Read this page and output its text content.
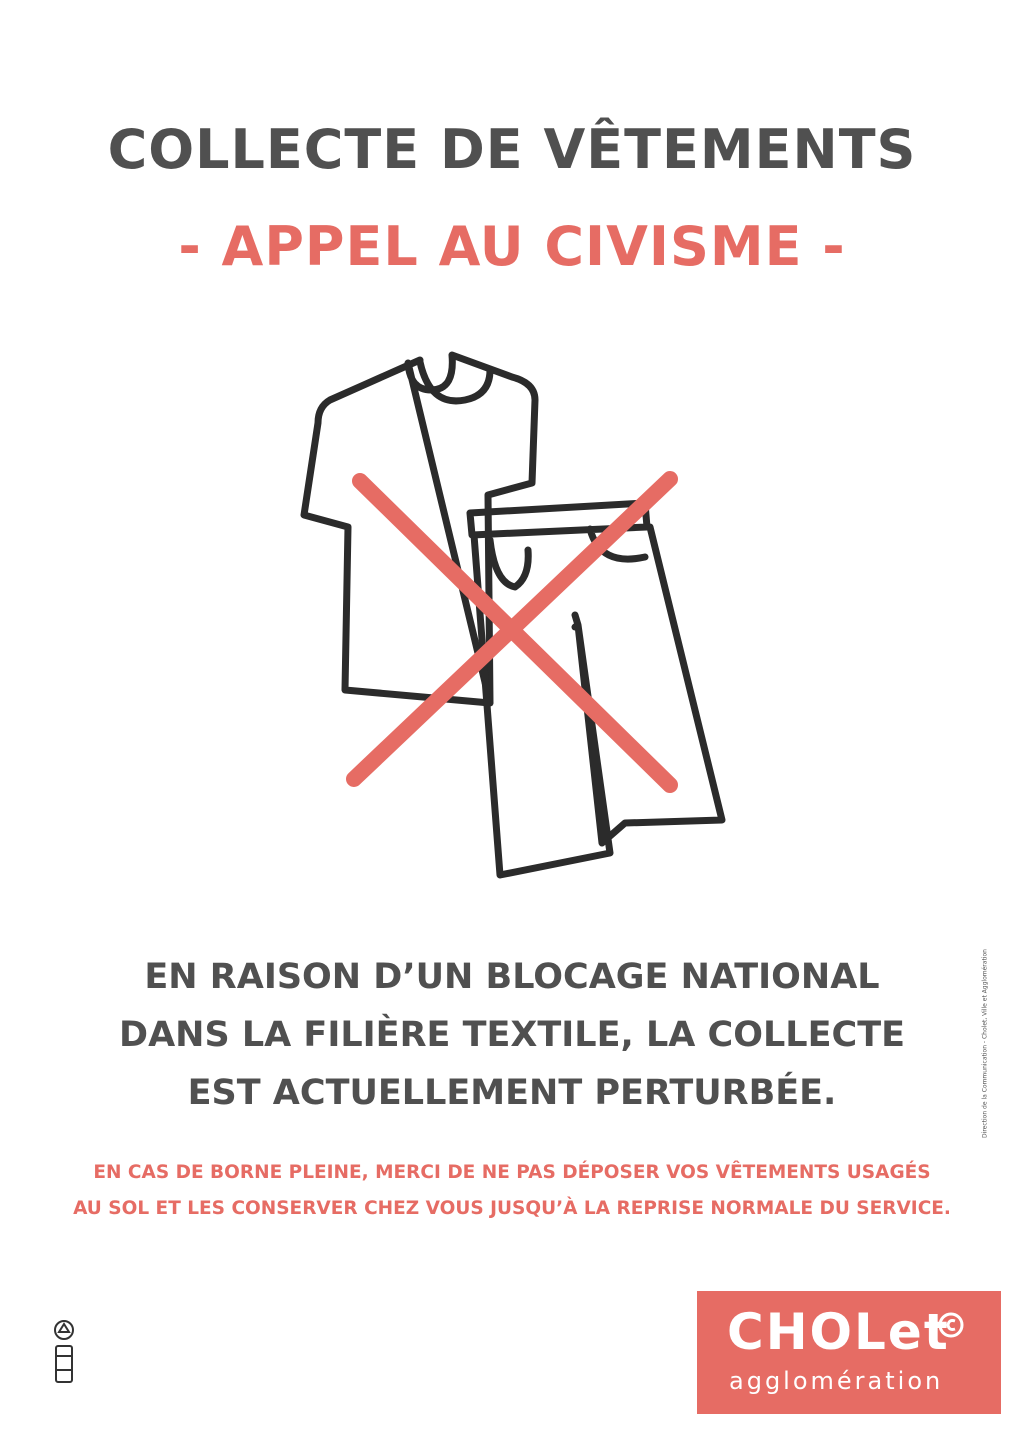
COLLECTE DE VÊTEMENTS
- APPEL AU CIVISME -
EN RAISON D’UN BLOCAGE NATIONAL
DANS LA FILIÈRE TEXTILE, LA COLLECTE
EST ACTUELLEMENT PERTURBÉE.
EN CAS DE BORNE PLEINE, MERCI DE NE PAS DÉPOSER VOS VÊTEMENTS USAGÉS
AU SOL ET LES CONSERVER CHEZ VOUS JUSQU’À LA REPRISE NORMALE DU SERVICE.
Direction de la Communication - Cholet, Ville et Agglomération
CHOLet
agglomération
